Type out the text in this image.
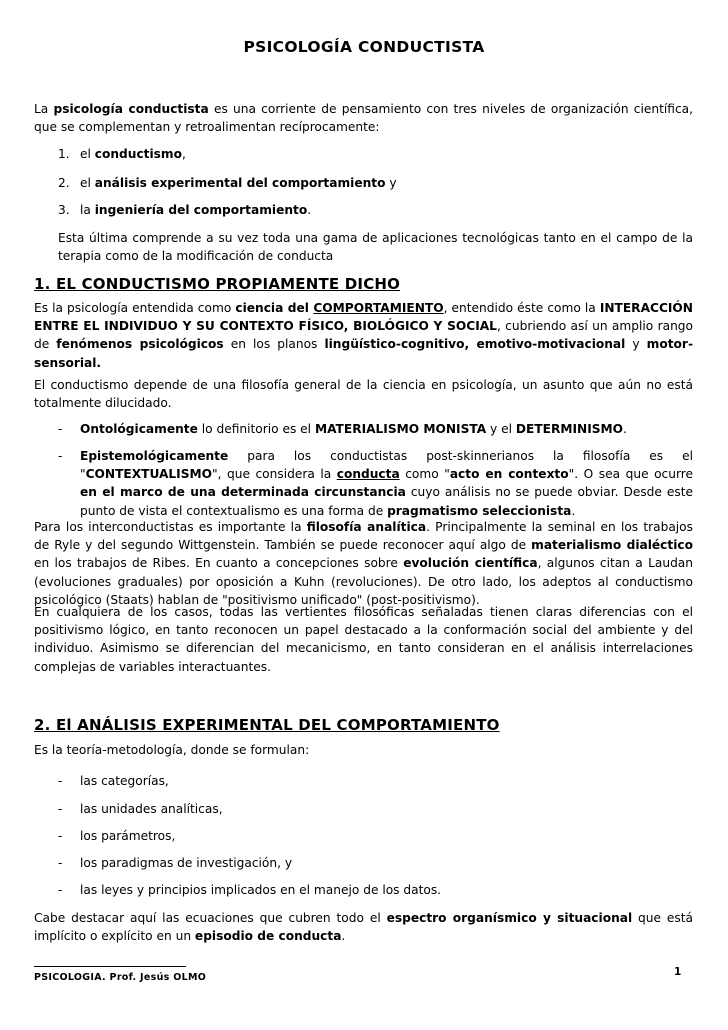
PSICOLOGÍA CONDUCTISTA

La psicología conductista es una corriente de pensamiento con tres niveles de organización científica, que se complementan y retroalimentan recíprocamente:

1. el conductismo,

2. el análisis experimental del comportamiento y

3. la ingeniería del comportamiento.

Esta última comprende a su vez toda una gama de aplicaciones tecnológicas tanto en el campo de la terapia como de la modificación de conducta

1. EL CONDUCTISMO PROPIAMENTE DICHO

Es la psicología entendida como ciencia del COMPORTAMIENTO, entendido éste como la INTERACCIÓN ENTRE EL INDIVIDUO Y SU CONTEXTO FÍSICO, BIOLÓGICO Y SOCIAL, cubriendo así un amplio rango de fenómenos psicológicos en los planos lingüístico-cognitivo, emotivo-motivacional y motor-sensorial.

El conductismo depende de una filosofía general de la ciencia en psicología, un asunto que aún no está totalmente dilucidado.

- Ontológicamente lo definitorio es el MATERIALISMO MONISTA y el DETERMINISMO.

- Epistemológicamente para los conductistas post-skinnerianos la filosofía es el "CONTEXTUALISMO", que considera la conducta como "acto en contexto". O sea que ocurre en el marco de una determinada circunstancia cuyo análisis no se puede obviar. Desde este punto de vista el contextualismo es una forma de pragmatismo seleccionista.

Para los interconductistas es importante la filosofía analítica. Principalmente la seminal en los trabajos de Ryle y del segundo Wittgenstein. También se puede reconocer aquí algo de materialismo dialéctico en los trabajos de Ribes. En cuanto a concepciones sobre evolución científica, algunos citan a Laudan (evoluciones graduales) por oposición a Kuhn (revoluciones). De otro lado, los adeptos al conductismo psicológico (Staats) hablan de "positivismo unificado" (post-positivismo).

En cualquiera de los casos, todas las vertientes filosóficas señaladas tienen claras diferencias con el positivismo lógico, en tanto reconocen un papel destacado a la conformación social del ambiente y del individuo. Asimismo se diferencian del mecanicismo, en tanto consideran en el análisis interrelaciones complejas de variables interactuantes.

2. El ANÁLISIS EXPERIMENTAL DEL COMPORTAMIENTO

Es la teoría-metodología, donde se formulan:

- las categorías,

- las unidades analíticas,

- los parámetros,

- los paradigmas de investigación, y

- las leyes y principios implicados en el manejo de los datos.

Cabe destacar aquí las ecuaciones que cubren todo el espectro organísmico y situacional que está implícito o explícito en un episodio de conducta.

PSICOLOGIA. Prof. Jesús OLMO	1
